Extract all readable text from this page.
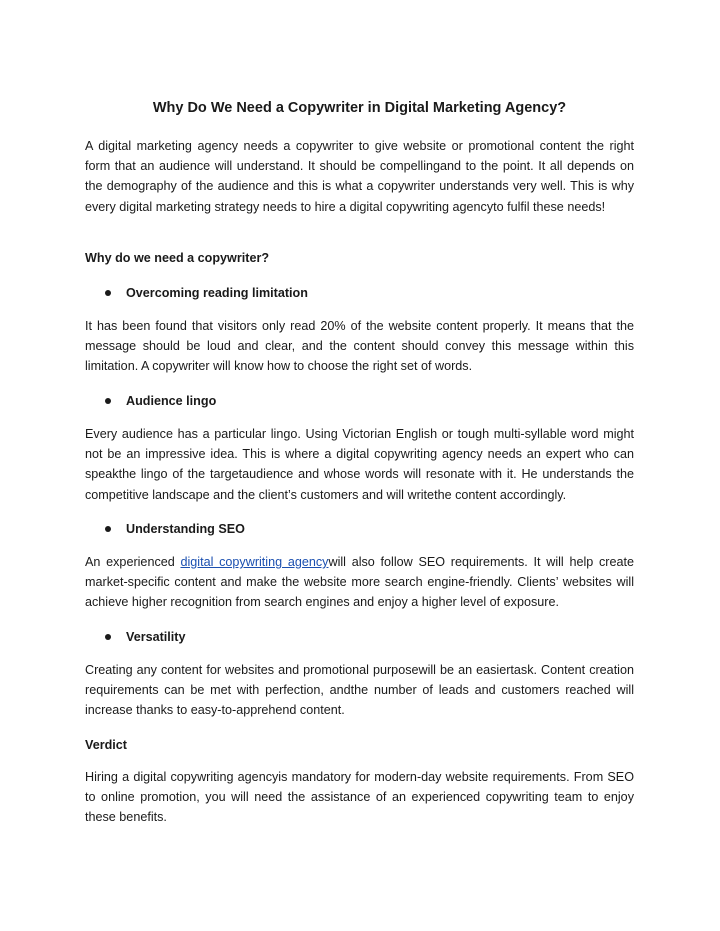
Why Do We Need a Copywriter in Digital Marketing Agency?

A digital marketing agency needs a copywriter to give website or promotional content the right form that an audience will understand. It should be compellingand to the point. It all depends on the demography of the audience and this is what a copywriter understands very well. This is why every digital marketing strategy needs to hire a digital copywriting agencyto fulfil these needs!

Why do we need a copywriter?
Overcoming reading limitation

It has been found that visitors only read 20% of the website content properly. It means that the message should be loud and clear, and the content should convey this message within this limitation. A copywriter will know how to choose the right set of words.

Audience lingo

Every audience has a particular lingo. Using Victorian English or tough multi-syllable word might not be an impressive idea. This is where a digital copywriting agency needs an expert who can speakthe lingo of the targetaudience and whose words will resonate with it. He understands the competitive landscape and the client’s customers and will writethe content accordingly.

Understanding SEO

An experienced digital copywriting agencywill also follow SEO requirements. It will help create market-specific content and make the website more search engine-friendly. Clients’ websites will achieve higher recognition from search engines and enjoy a higher level of exposure.

Versatility

Creating any content for websites and promotional purposewill be an easiertask. Content creation requirements can be met with perfection, andthe number of leads and customers reached will increase thanks to easy-to-apprehend content.

Verdict

Hiring a digital copywriting agencyis mandatory for modern-day website requirements. From SEO to online promotion, you will need the assistance of an experienced copywriting team to enjoy these benefits.
